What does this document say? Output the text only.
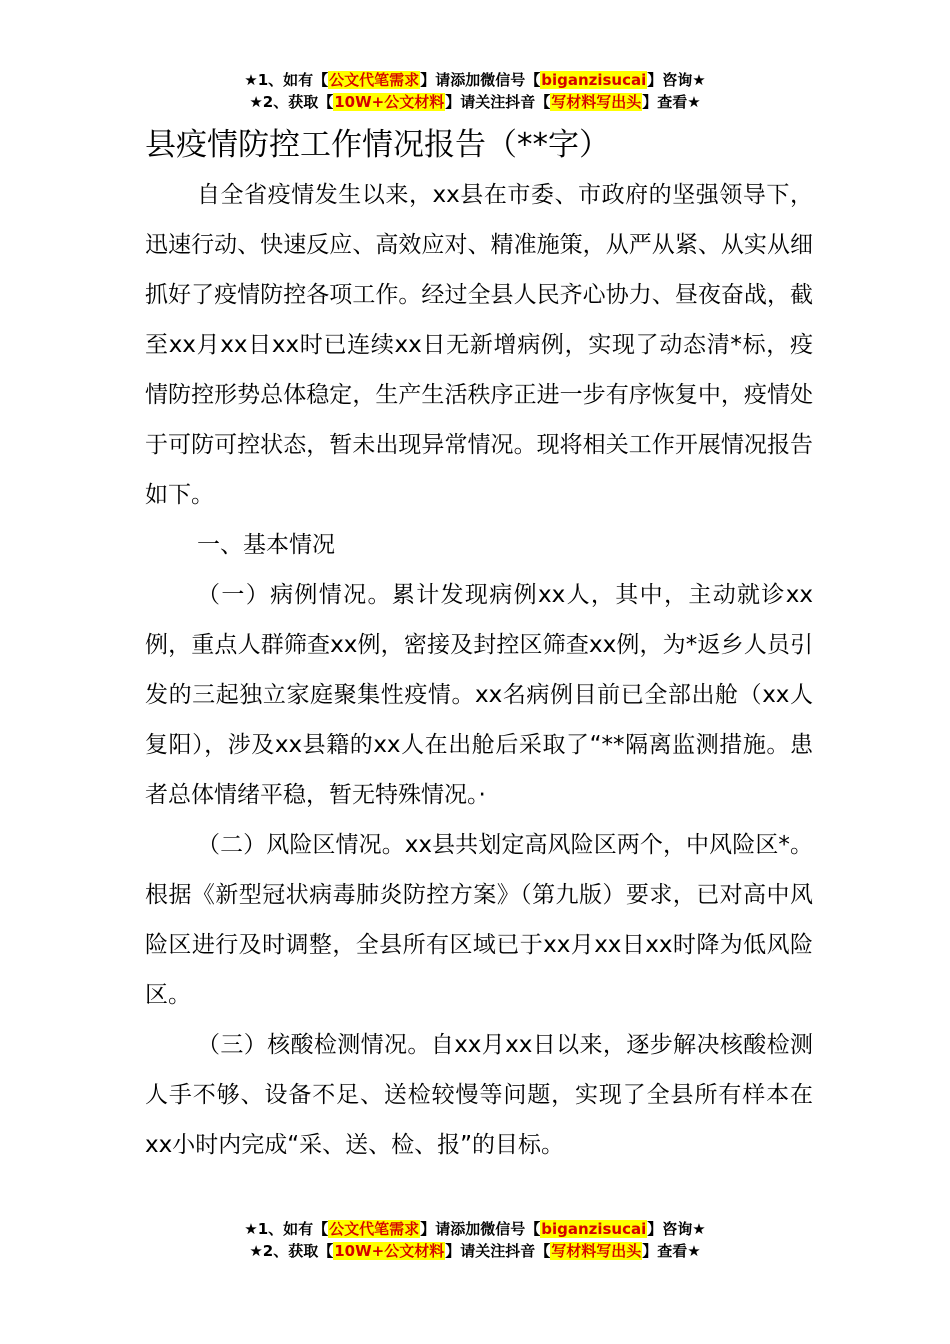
★1、如有【公文代笔需求】请添加微信号【biganzisucai】咨询★
★2、获取【10W+公文材料】请关注抖音【写材料写出头】查看★
县疫情防控工作情况报告（**字）

自全省疫情发生以来，xx县在市委、市政府的坚强领导下，迅速行动、快速反应、高效应对、精准施策，从严从紧、从实从细抓好了疫情防控各项工作。经过全县人民齐心协力、昼夜奋战，截至xx月xx日xx时已连续xx日无新增病例，实现了动态清*标，疫情防控形势总体稳定，生产生活秩序正进一步有序恢复中，疫情处于可防可控状态，暂未出现异常情况。现将相关工作开展情况报告如下。

一、基本情况

（一）病例情况。累计发现病例xx人，其中，主动就诊xx例，重点人群筛查xx例，密接及封控区筛查xx例，为*返乡人员引发的三起独立家庭聚集性疫情。xx名病例目前已全部出舱（xx人复阳），涉及xx县籍的xx人在出舱后采取了“**隔离监测措施。患者总体情绪平稳，暂无特殊情况。·

（二）风险区情况。xx县共划定高风险区两个，中风险区*。根据《新型冠状病毒肺炎防控方案》（第九版）要求，已对高中风险区进行及时调整，全县所有区域已于xx月xx日xx时降为低风险区。

（三）核酸检测情况。自xx月xx日以来，逐步解决核酸检测人手不够、设备不足、送检较慢等问题，实现了全县所有样本在xx小时内完成“采、送、检、报”的目标。

★1、如有【公文代笔需求】请添加微信号【biganzisucai】咨询★
★2、获取【10W+公文材料】请关注抖音【写材料写出头】查看★
